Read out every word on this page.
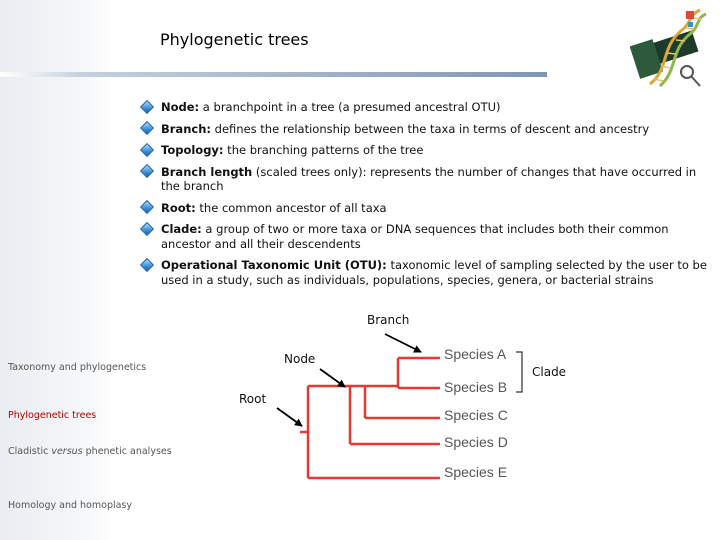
Phylogenetic trees
Node: a branchpoint in a tree (a presumed ancestral OTU)
Branch: defines the relationship between the taxa in terms of descent and ancestry
Topology: the branching patterns of the tree
Branch length (scaled trees only): represents the number of changes that have occurred in the branch
Root: the common ancestor of all taxa
Clade: a group of two or more taxa or DNA sequences that includes both their common ancestor and all their descendents
Operational Taxonomic Unit (OTU): taxonomic level of sampling selected by the user to be used in a study, such as individuals, populations, species, genera, or bacterial strains
Taxonomy and phylogenetics
Phylogenetic trees
Cladistic versus phenetic analyses
Homology and homoplasy
Branch
Node
Root
Clade
Species A
Species B
Species C
Species D
Species E
